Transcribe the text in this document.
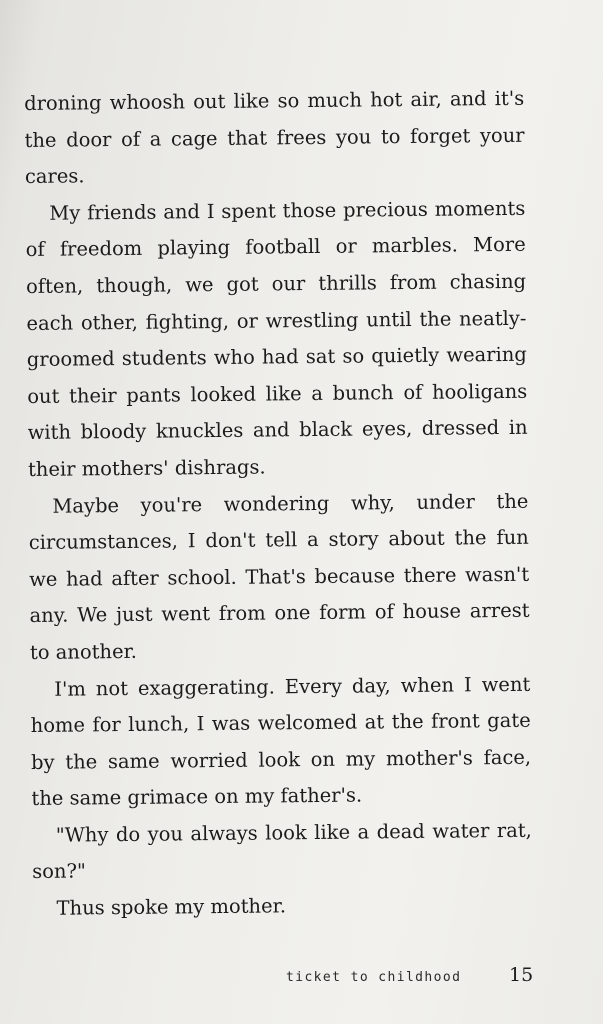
droning whoosh out like so much hot air, and it's
the door of a cage that frees you to forget your
cares.

My friends and I spent those precious moments
of freedom playing football or marbles. More
often, though, we got our thrills from chasing
each other, fighting, or wrestling until the neatly-
groomed students who had sat so quietly wearing
out their pants looked like a bunch of hooligans
with bloody knuckles and black eyes, dressed in
their mothers' dishrags.

Maybe you're wondering why, under the
circumstances, I don't tell a story about the fun
we had after school. That's because there wasn't
any. We just went from one form of house arrest
to another.

I'm not exaggerating. Every day, when I went
home for lunch, I was welcomed at the front gate
by the same worried look on my mother's face,
the same grimace on my father's.

"Why do you always look like a dead water rat,
son?"

Thus spoke my mother.

ticket to childhood	15
